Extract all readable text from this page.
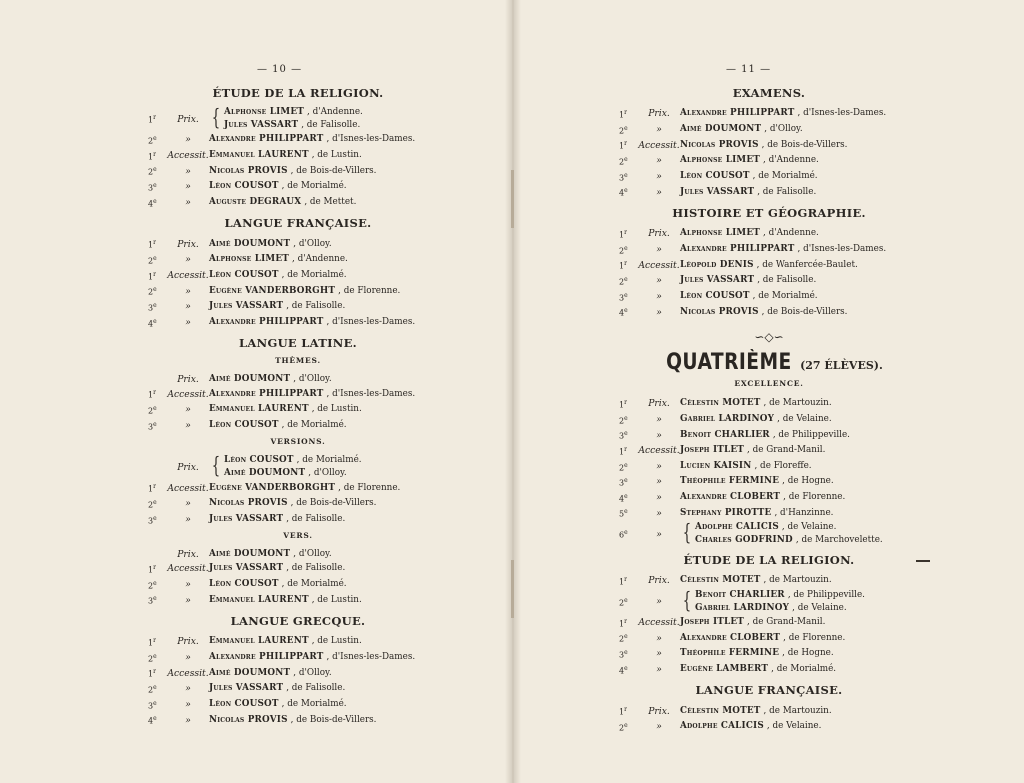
— 10 —	— 11 —
ÉTUDE DE LA RELIGION.
1$^r$	Prix. { Alphonse LIMET , d'Andenne.
Jules VASSART , de Falisolle.
2e	»	Alexandre PHILIPPART , d'Isnes-les-Dames.
1$^r$	Accessit. Emmanuel LAURENT , de Lustin.
2e	»	Nicolas PROVIS , de Bois-de-Villers.
3e	»	Léon COUSOT , de Morialmé.
4e	»	Auguste DEGRAUX , de Mettet.
LANGUE FRANÇAISE.
1$^r$	Prix.	Aimé DOUMONT , d'Olloy.
2e	»	Alphonse LIMET , d'Andenne.
1$^r$	Accessit. Léon COUSOT , de Morialmé.
2e	»	Eugène VANDERBORGHT , de Florenne.
3e	»	Jules VASSART , de Falisolle.
4e	»	Alexandre PHILIPPART , d'Isnes-les-Dames.
LANGUE LATINE.
THÈMES.
Prix.	Aimé DOUMONT , d'Olloy.
1$^r$	Accessit. Alexandre PHILIPPART , d'Isnes-les-Dames.
2e	»	Emmanuel LAURENT , de Lustin.
3e	»	Léon COUSOT , de Morialmé.
VERSIONS.
Prix. { Léon COUSOT , de Morialmé.
Aimé DOUMONT , d'Olloy.
1$^r$	Accessit. Eugène VANDERBORGHT , de Florenne.
2e	»	Nicolas PROVIS , de Bois-de-Villers.
3e	»	Jules VASSART , de Falisolle.
VERS.
Prix.	Aimé DOUMONT , d'Olloy.
1$^r$	Accessit. Jules VASSART , de Falisolle.
2e	»	Léon COUSOT , de Morialmé.
3e	»	Emmanuel LAURENT , de Lustin.
LANGUE GRECQUE.
1$^r$	Prix.	Emmanuel LAURENT , de Lustin.
2e	»	Alexandre PHILIPPART , d'Isnes-les-Dames.
1$^r$	Accessit. Aimé DOUMONT , d'Olloy.
2e	»	Jules VASSART , de Falisolle.
3e	»	Léon COUSOT , de Morialmé.
4e	»	Nicolas PROVIS , de Bois-de-Villers.
EXAMENS.
1$^r$	Prix.	Alexandre PHILIPPART , d'Isnes-les-Dames.
2e	»	Aimé DOUMONT , d'Olloy.
1$^r$	Accessit. Nicolas PROVIS , de Bois-de-Villers.
2e	»	Alphonse LIMET , d'Andenne.
3e	»	Léon COUSOT , de Morialmé.
4e	»	Jules VASSART , de Falisolle.
HISTOIRE ET GÉOGRAPHIE.
1$^r$	Prix.	Alphonse LIMET , d'Andenne.
2e	»	Alexandre PHILIPPART , d'Isnes-les-Dames.
1$^r$	Accessit. Léopold DENIS , de Wanfercée-Baulet.
2e	»	Jules VASSART , de Falisolle.
3e	»	Léon COUSOT , de Morialmé.
4e	»	Nicolas PROVIS , de Bois-de-Villers.
∽◇∽
QUATRIÈME (27 ÉLÈVES).
EXCELLENCE.
1$^r$	Prix.	Célestin MOTET , de Martouzin.
2e	»	Gabriel LARDINOY , de Velaine.
3e	»	Benoit CHARLIER , de Philippeville.
1$^r$	Accessit. Joseph ITLET , de Grand-Manil.
2e	»	Lucien KAISIN , de Floreffe.
3e	»	Théophile FERMINE , de Hogne.
4e	»	Alexandre CLOBERT , de Florenne.
5e	»	Stephany PIROTTE , d'Hanzinne.
6e	» { Adolphe CALICIS , de Velaine.
Charles GODFRIND , de Marchovelette.
ÉTUDE DE LA RELIGION.
1$^r$	Prix.	Célestin MOTET , de Martouzin.
2e	» { Benoit CHARLIER , de Philippeville.
Gabriel LARDINOY , de Velaine.
1$^r$	Accessit. Joseph ITLET , de Grand-Manil.
2e	»	Alexandre CLOBERT , de Florenne.
3e	»	Théophile FERMINE , de Hogne.
4e	»	Eugène LAMBERT , de Morialmé.
LANGUE FRANÇAISE.
1$^r$	Prix.	Célestin MOTET , de Martouzin.
2e	»	Adolphe CALICIS , de Velaine.
